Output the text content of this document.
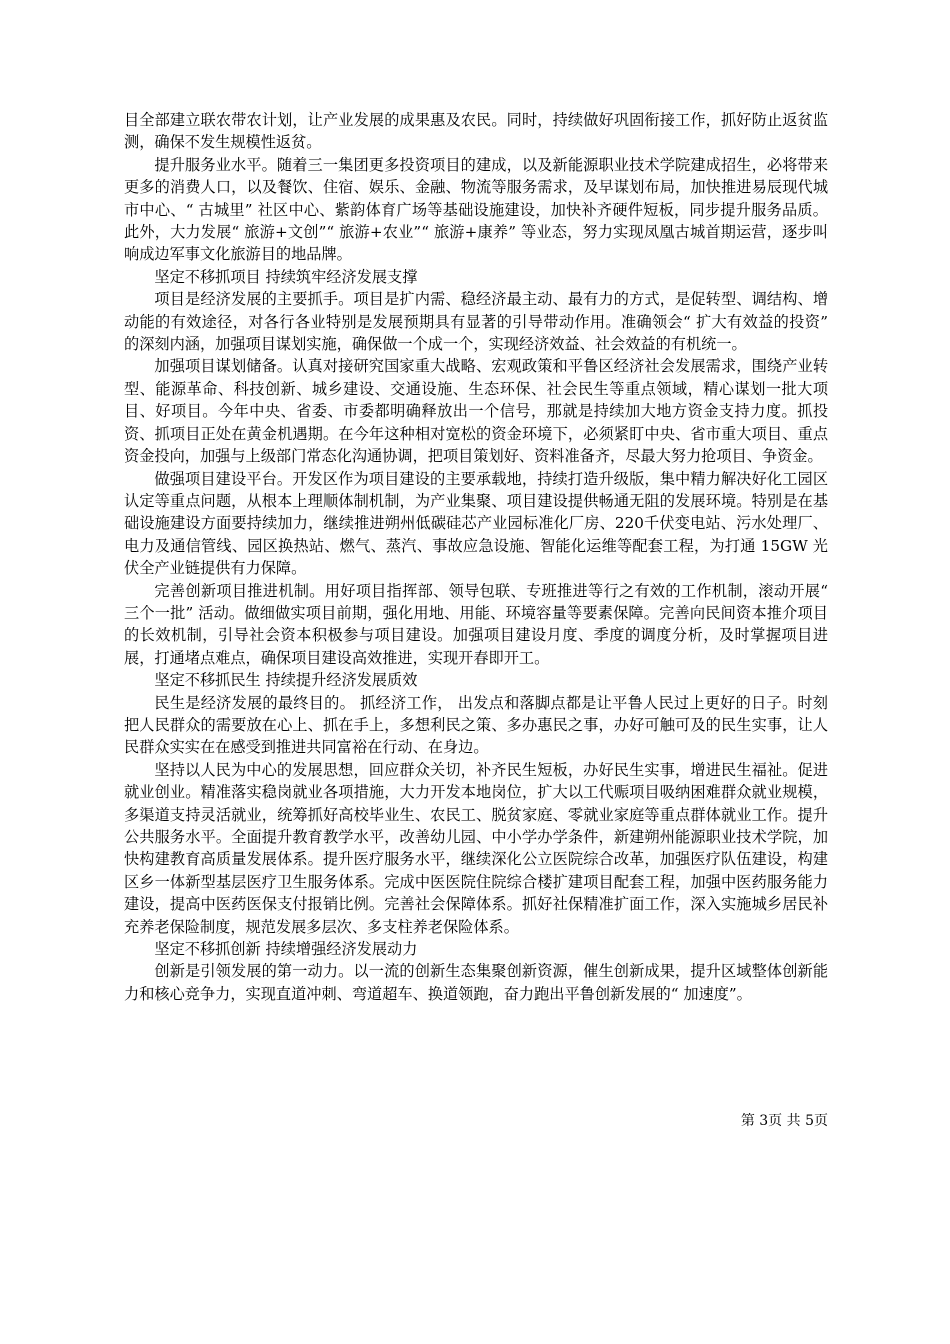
目全部建立联农带农计划，让产业发展的成果惠及农民。同时，持续做好巩固衔接工作，抓好防止返贫监测，确保不发生规模性返贫。

提升服务业水平。随着三一集团更多投资项目的建成，以及新能源职业技术学院建成招生，必将带来更多的消费人口，以及餐饮、住宿、娱乐、金融、物流等服务需求，及早谋划布局，加快推进易辰现代城市中心、“ 古城里” 社区中心、紫韵体育广场等基础设施建设，加快补齐硬件短板，同步提升服务品质。此外，大力发展“ 旅游+文创”“ 旅游+农业”“ 旅游+康养” 等业态，努力实现凤凰古城首期运营，逐步叫响成边军事文化旅游目的地品牌。

坚定不移抓项目 持续筑牢经济发展支撑

项目是经济发展的主要抓手。项目是扩内需、稳经济最主动、最有力的方式，是促转型、调结构、增动能的有效途径，对各行各业特别是发展预期具有显著的引导带动作用。准确领会“ 扩大有效益的投资” 的深刻内涵，加强项目谋划实施，确保做一个成一个，实现经济效益、社会效益的有机统一。

加强项目谋划储备。认真对接研究国家重大战略、宏观政策和平鲁区经济社会发展需求，围绕产业转型、能源革命、科技创新、城乡建设、交通设施、生态环保、社会民生等重点领域，精心谋划一批大项目、好项目。今年中央、省委、市委都明确释放出一个信号，那就是持续加大地方资金支持力度。抓投资、抓项目正处在黄金机遇期。在今年这种相对宽松的资金环境下，必须紧盯中央、省市重大项目、重点资金投向，加强与上级部门常态化沟通协调，把项目策划好、资料准备齐，尽最大努力抢项目、争资金。

做强项目建设平台。开发区作为项目建设的主要承载地，持续打造升级版，集中精力解决好化工园区认定等重点问题，从根本上理顺体制机制，为产业集聚、项目建设提供畅通无阻的发展环境。特别是在基础设施建设方面要持续加力，继续推进朔州低碳硅芯产业园标准化厂房、220千伏变电站、污水处理厂、电力及通信管线、园区换热站、燃气、蒸汽、事故应急设施、智能化运维等配套工程，为打通 15GW 光伏全产业链提供有力保障。

完善创新项目推进机制。用好项目指挥部、领导包联、专班推进等行之有效的工作机制，滚动开展“ 三个一批” 活动。做细做实项目前期，强化用地、用能、环境容量等要素保障。完善向民间资本推介项目的长效机制，引导社会资本积极参与项目建设。加强项目建设月度、季度的调度分析，及时掌握项目进展，打通堵点难点，确保项目建设高效推进，实现开春即开工。

坚定不移抓民生 持续提升经济发展质效

民生是经济发展的最终目的。 抓经济工作， 出发点和落脚点都是让平鲁人民过上更好的日子。时刻把人民群众的需要放在心上、抓在手上，多想利民之策、多办惠民之事，办好可触可及的民生实事，让人民群众实实在在感受到推进共同富裕在行动、在身边。

坚持以人民为中心的发展思想，回应群众关切，补齐民生短板，办好民生实事，增进民生福祉。促进就业创业。精准落实稳岗就业各项措施，大力开发本地岗位，扩大以工代赈项目吸纳困难群众就业规模，多渠道支持灵活就业，统筹抓好高校毕业生、农民工、脱贫家庭、零就业家庭等重点群体就业工作。提升公共服务水平。全面提升教育教学水平，改善幼儿园、中小学办学条件，新建朔州能源职业技术学院，加快构建教育高质量发展体系。提升医疗服务水平，继续深化公立医院综合改革，加强医疗队伍建设，构建区乡一体新型基层医疗卫生服务体系。完成中医医院住院综合楼扩建项目配套工程，加强中医药服务能力建设，提高中医药医保支付报销比例。完善社会保障体系。抓好社保精准扩面工作，深入实施城乡居民补充养老保险制度，规范发展多层次、多支柱养老保险体系。

坚定不移抓创新 持续增强经济发展动力

创新是引领发展的第一动力。以一流的创新生态集聚创新资源，催生创新成果，提升区域整体创新能力和核心竞争力，实现直道冲刺、弯道超车、换道领跑，奋力跑出平鲁创新发展的“ 加速度”。

第 3页 共 5页
